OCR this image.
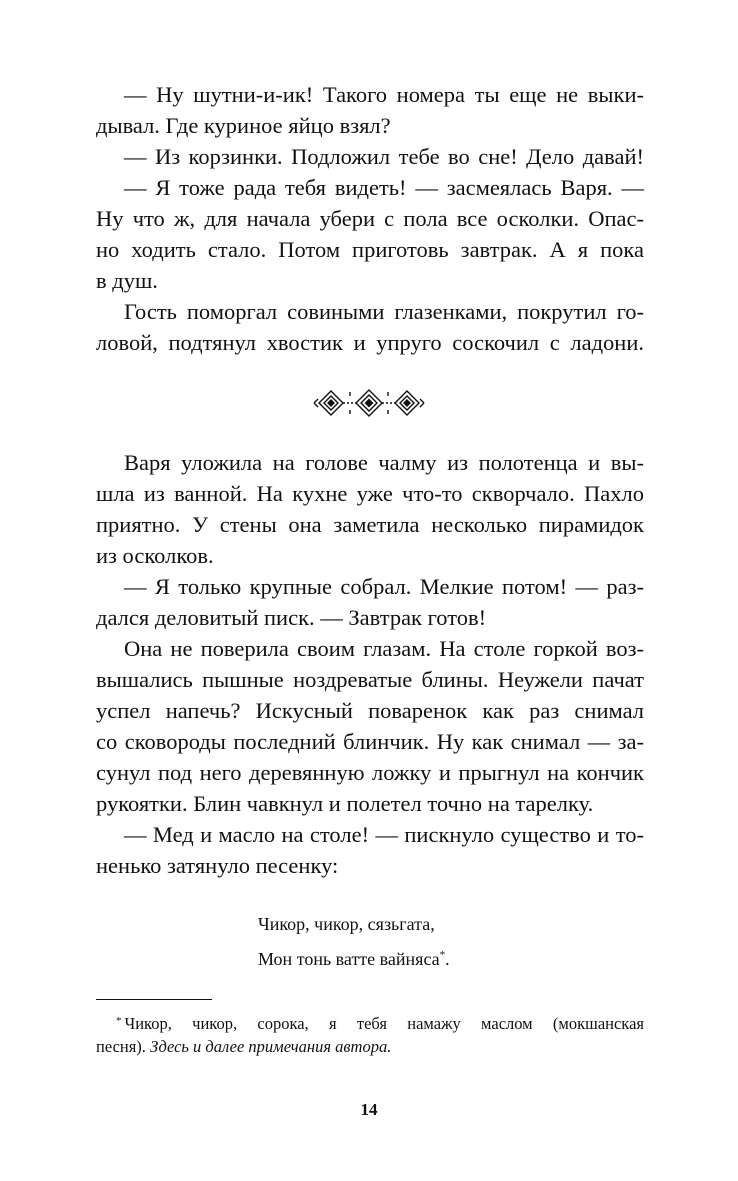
— Ну шутни-и-ик! Такого номера ты еще не выки-
дывал. Где куриное яйцо взял?
— Из корзинки. Подложил тебе во сне! Дело давай!
— Я тоже рада тебя видеть! — засмеялась Варя. —
Ну что ж, для начала убери с пола все осколки. Опас-
но ходить стало. Потом приготовь завтрак. А я пока
в душ.
Гость поморгал совиными глазенками, покрутил го-
ловой, подтянул хвостик и упруго соскочил с ладони.
Варя уложила на голове чалму из полотенца и вы-
шла из ванной. На кухне уже что-то скворчало. Пахло
приятно. У стены она заметила несколько пирамидок
из осколков.
— Я только крупные собрал. Мелкие потом! — раз-
дался деловитый писк. — Завтрак готов!
Она не поверила своим глазам. На столе горкой воз-
вышались пышные ноздреватые блины. Неужели пачат
успел напечь? Искусный поваренок как раз снимал
со сковороды последний блинчик. Ну как снимал — за-
сунул под него деревянную ложку и прыгнул на кончик
рукоятки. Блин чавкнул и полетел точно на тарелку.
— Мед и масло на столе! — пискнуло существо и то-
ненько затянуло песенку:
Чикор, чикор, сязьгата,
Мон тонь ватте вайняса*.
* Чикор, чикор, сорока, я тебя намажу маслом (мокшанская
песня). Здесь и далее примечания автора.
14
